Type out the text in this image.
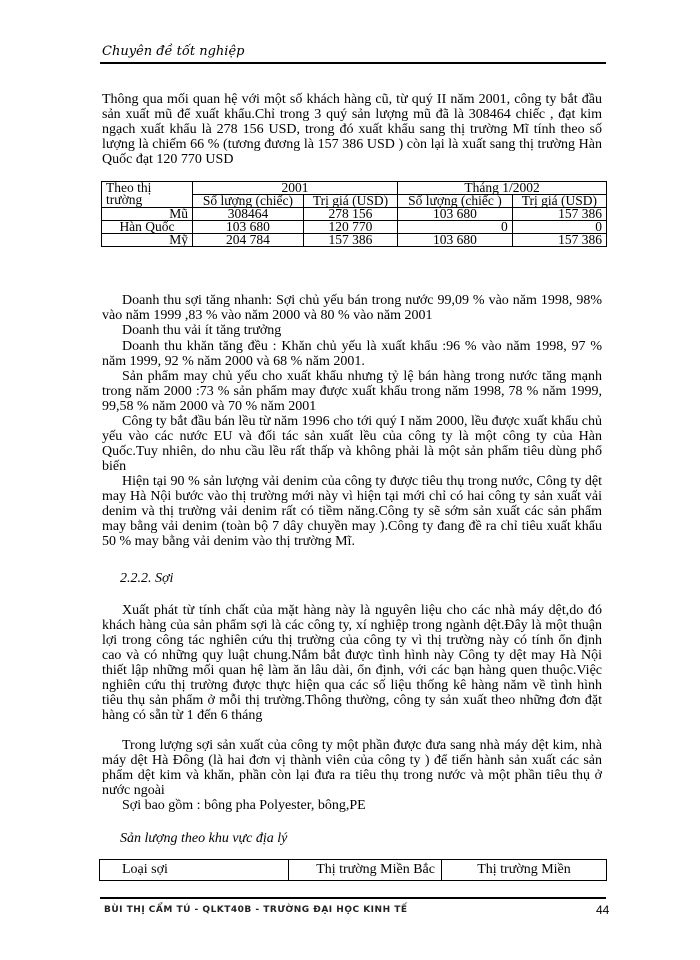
Chuyên đề tốt nghiệp

Thông qua mối quan hệ với một số khách hàng cũ, từ quý II năm 2001, công ty bắt đầu sản xuất mũ để xuất khẩu.Chỉ trong 3 quý sản lượng mũ đã là 308464 chiếc , đạt kim ngạch xuất khẩu là 278 156 USD, trong đó xuất khẩu sang thị trường Mĩ tính theo số lượng là chiếm 66 % (tương đương là 157 386 USD ) còn lại là xuất sang thị trường Hàn Quốc đạt 120 770 USD

Theo thị trường	2001		Tháng 1/2002	
	Số lượng (chiếc)	Trị giá (USD)	Số lượng (chiếc )	Trị giá (USD)
Mũ	308464	278 156	103 680	157 386
Hàn Quốc	103 680	120 770	0	0
Mỹ	204 784	157 386	103 680	157 386

Doanh thu sợi tăng nhanh: Sợi chủ yếu bán trong nước 99,09 % vào năm 1998, 98% vào năm 1999 ,83 % vào năm 2000 và 80 % vào năm 2001

Doanh thu vải ít tăng trưởng

Doanh thu khăn tăng đều : Khăn chủ yếu là xuất khẩu :96 % vào năm 1998, 97 % năm 1999, 92 % năm 2000 và 68 % năm 2001.

Sản phẩm may chủ yếu cho xuất khẩu nhưng tỷ lệ bán hàng trong nước tăng mạnh trong năm 2000 :73 % sản phẩm may được xuất khẩu trong năm 1998, 78 % năm 1999, 99,58 % năm 2000 và 70 % năm 2001

Công ty bắt đầu bán lều từ năm 1996 cho tới quý I năm 2000, lều được xuất khẩu chủ yếu vào các nước EU và đối tác sản xuất lều của công ty là một công ty của Hàn Quốc.Tuy nhiên, do nhu cầu lều rất thấp và không phải là một sản phẩm tiêu dùng phổ biến

Hiện tại 90 % sản lượng vải denim của công ty được tiêu thụ trong nước, Công ty dệt may Hà Nội bước vào thị trường mới này vì hiện tại mới chỉ có hai công ty sản xuất vải denim và thị trường vải denim rất có tiềm năng.Công ty sẽ sớm sản xuất các sản phẩm may bằng vải denim (toàn bộ 7 dây chuyền may ).Công ty đang đề ra chỉ tiêu xuất khẩu 50 % may bằng vải denim vào thị trường Mĩ.

2.2.2. Sợi

Xuất phát từ tính chất của mặt hàng này là nguyên liệu cho các nhà máy dệt,do đó khách hàng của sản phẩm sợi là các công ty, xí nghiệp trong ngành dệt.Đây là một thuận lợi trong công tác nghiên cứu thị trường của công ty vì thị trường này có tính ổn định cao và có những quy luật chung.Nắm bắt được tình hình này Công ty dệt may Hà Nội thiết lập những mối quan hệ làm ăn lâu dài, ổn định, với các bạn hàng quen thuộc.Việc nghiên cứu thị trường được thực hiện qua các số liệu thống kê hàng năm về tình hình tiêu thụ sản phẩm ở mỗi thị trường.Thông thường, công ty sản xuất theo những đơn đặt hàng có sẵn từ 1 đến 6 tháng

Trong lượng sợi sản xuất của công ty một phần được đưa sang nhà máy dệt kim, nhà máy dệt Hà Đông (là hai đơn vị thành viên của công ty ) để tiến hành sản xuất các sản phẩm dệt kim và khăn, phần còn lại đưa ra tiêu thụ trong nước và một phần tiêu thụ ở nước ngoài

Sợi bao gồm : bông pha Polyester, bông,PE

Sản lượng theo khu vực địa lý
Loại sợi	Thị trường Miền Bắc	Thị trường Miền
BÙI THỊ CẨM TÚ - QLKT40B - TRƯỜNG ĐẠI HỌC KINH TẾ	44
